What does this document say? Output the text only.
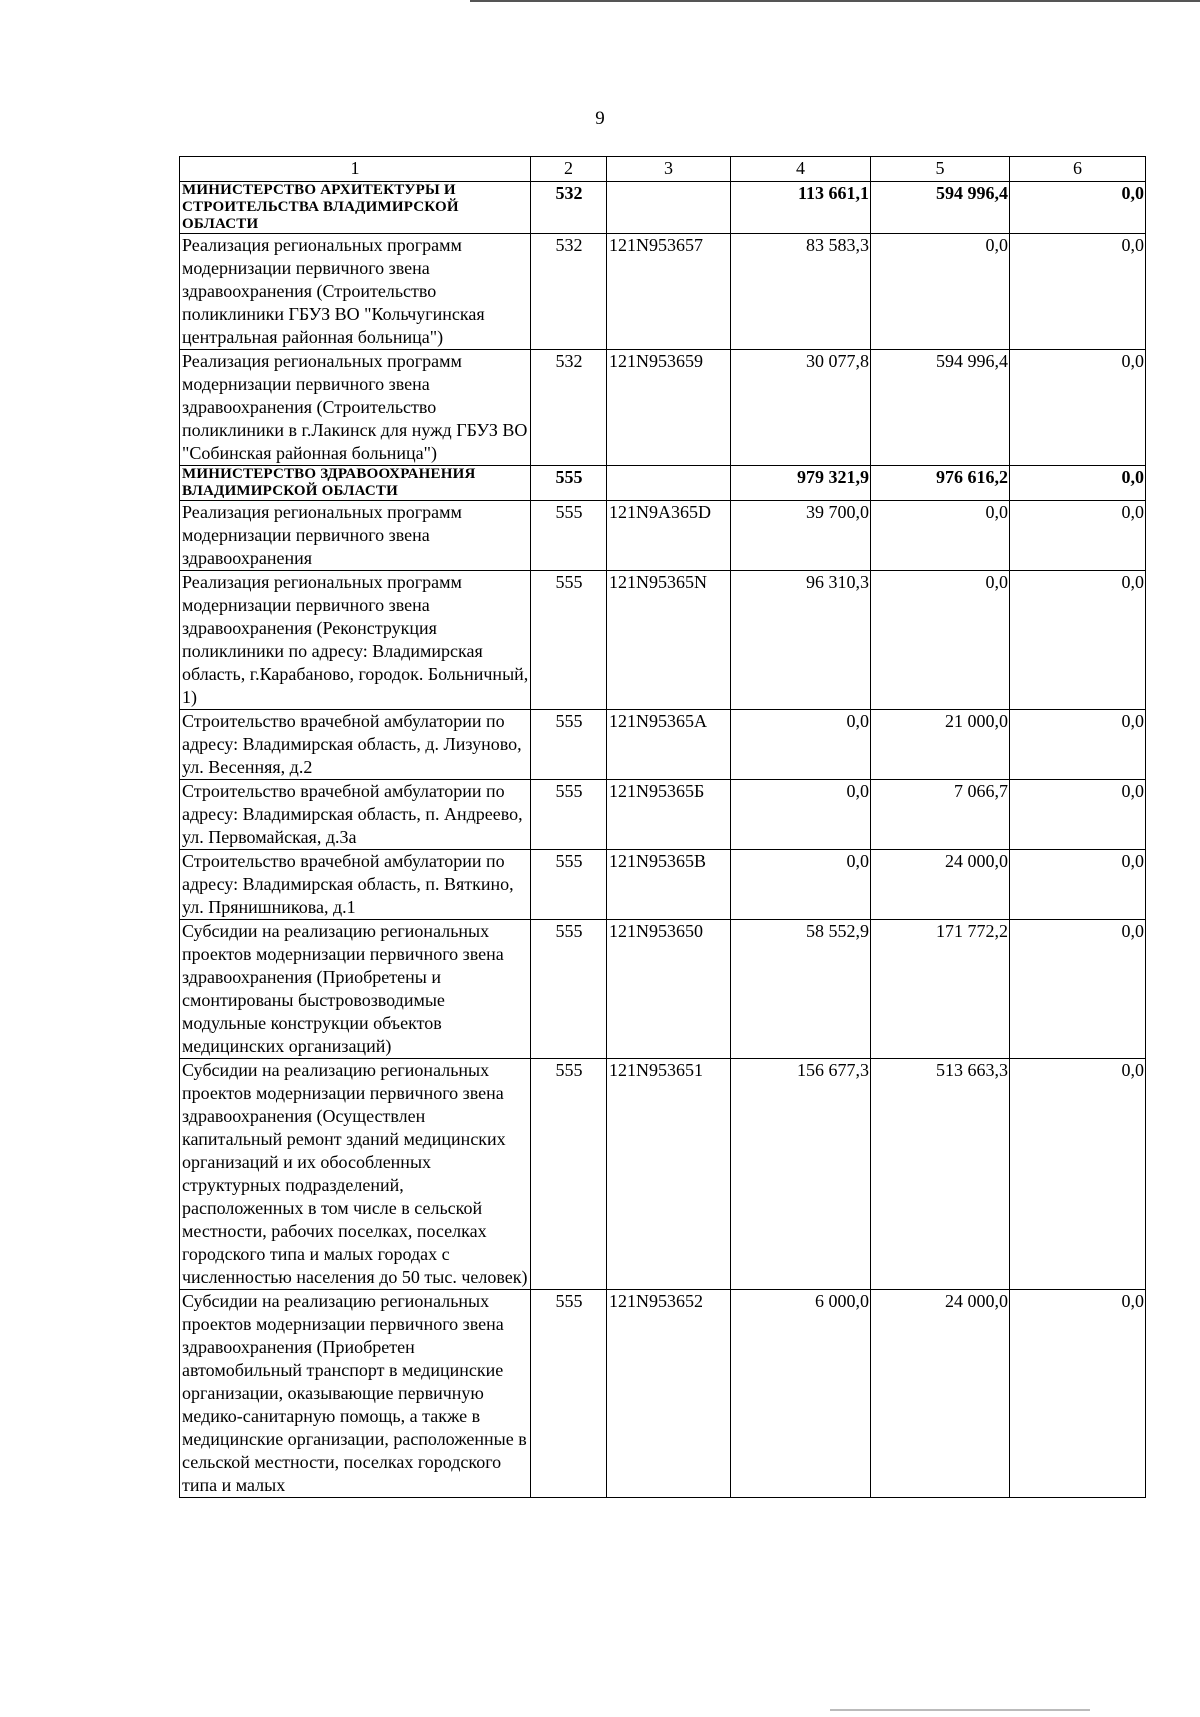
9
1	2	3	4	5	6
МИНИСТЕРСТВО АРХИТЕКТУРЫ И СТРОИТЕЛЬСТВА ВЛАДИМИРСКОЙ ОБЛАСТИ	532		113 661,1	594 996,4	0,0
Реализация региональных программ модернизации первичного звена здравоохранения (Строительство поликлиники ГБУЗ ВО "Кольчугинская центральная районная больница")	532	121N953657	83 583,3	0,0	0,0
Реализация региональных программ модернизации первичного звена здравоохранения (Строительство поликлиники в г.Лакинск для нужд ГБУЗ ВО "Собинская районная больница")	532	121N953659	30 077,8	594 996,4	0,0
МИНИСТЕРСТВО ЗДРАВООХРАНЕНИЯ ВЛАДИМИРСКОЙ ОБЛАСТИ	555		979 321,9	976 616,2	0,0
Реализация региональных программ модернизации первичного звена здравоохранения	555	121N9A365D	39 700,0	0,0	0,0
Реализация региональных программ модернизации первичного звена здравоохранения (Реконструкция поликлиники по адресу: Владимирская область, г.Карабаново, городок. Больничный, 1)	555	121N95365N	96 310,3	0,0	0,0
Строительство врачебной амбулатории по адресу: Владимирская область, д. Лизуново, ул. Весенняя, д.2	555	121N95365A	0,0	21 000,0	0,0
Строительство врачебной амбулатории по адресу: Владимирская область, п. Андреево, ул. Первомайская, д.3а	555	121N95365Б	0,0	7 066,7	0,0
Строительство врачебной амбулатории по адресу: Владимирская область, п. Вяткино, ул. Прянишникова, д.1	555	121N95365B	0,0	24 000,0	0,0
Субсидии на реализацию региональных проектов модернизации первичного звена здравоохранения (Приобретены и смонтированы быстровозводимые модульные конструкции объектов медицинских организаций)	555	121N953650	58 552,9	171 772,2	0,0
Субсидии на реализацию региональных проектов модернизации первичного звена здравоохранения (Осуществлен капитальный ремонт зданий медицинских организаций и их обособленных структурных подразделений, расположенных в том числе в сельской местности, рабочих поселках, поселках городского типа и малых городах с численностью населения до 50 тыс. человек)	555	121N953651	156 677,3	513 663,3	0,0
Субсидии на реализацию региональных проектов модернизации первичного звена здравоохранения (Приобретен автомобильный транспорт в медицинские организации, оказывающие первичную медико-санитарную помощь, а также в медицинские организации, расположенные в сельской местности, поселках городского типа и малых	555	121N953652	6 000,0	24 000,0	0,0
